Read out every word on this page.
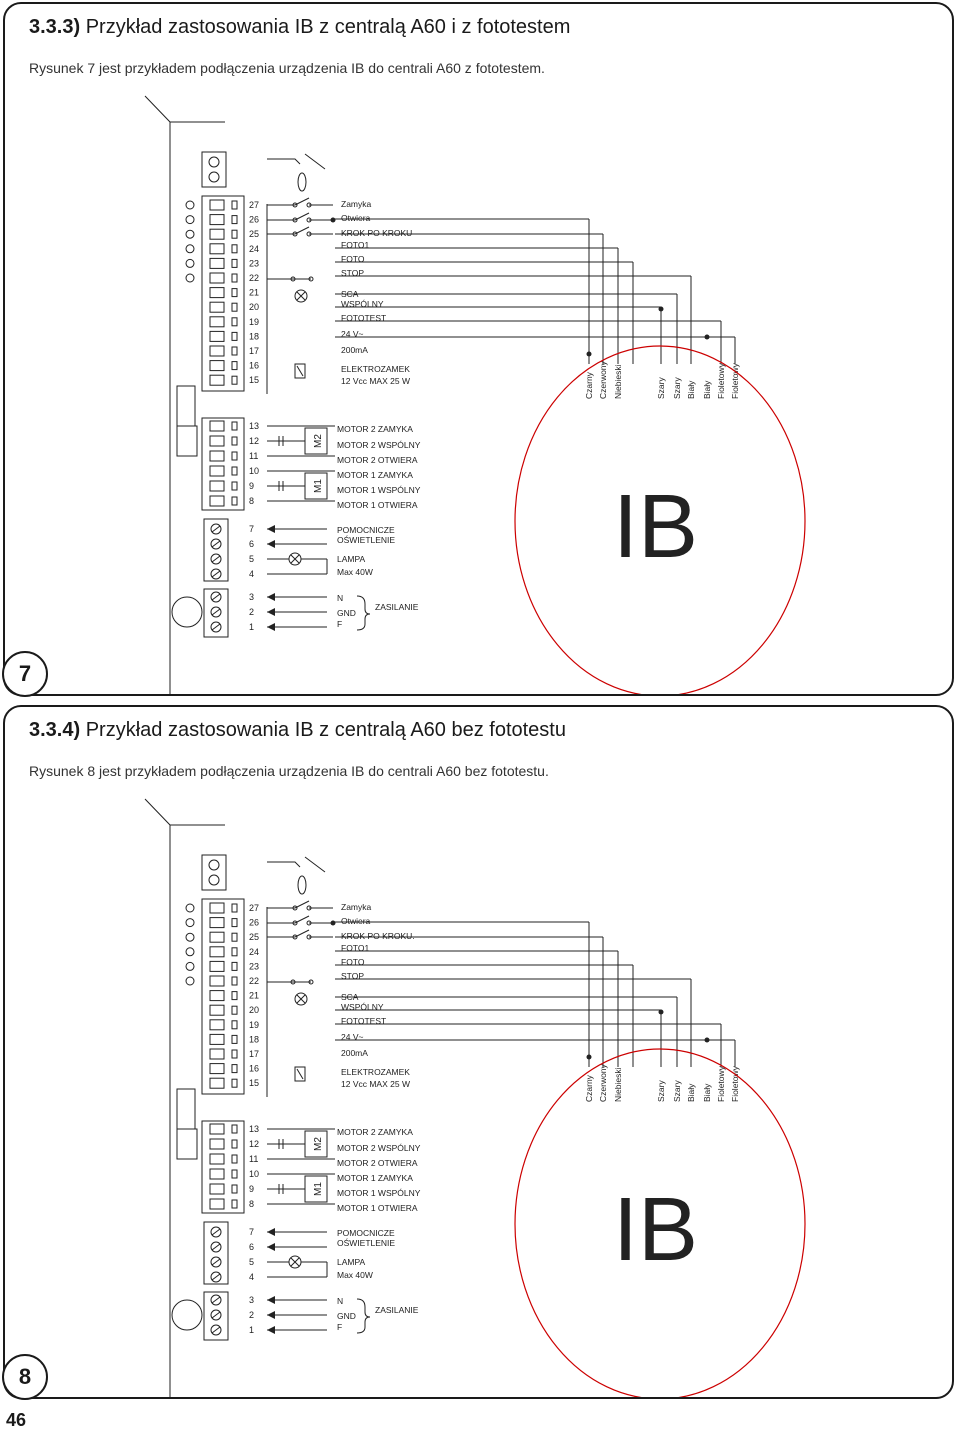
3.3.3) Przykład zastosowania IB z centralą A60 i z fototestem
Rysunek 7 jest przykładem podłączenia urządzenia IB do centrali A60 z fototestem.
27
26
25
24
23
22
21
20
19
18
17
16
15
13
12
11
10
9
8
7
6
5
4
3
2
1
Zamyka
Otwiera
KROK PO KROKU
FOTO1
FOTO
STOP
SCA
WSPÓLNY
FOTOTEST
24 V~
200mA
ELEKTROZAMEK
12 Vcc MAX 25 W	Czarny Czerwony Niebieski	Szary Szary Biały Biały Fioletowy Fioletowy
IB
MOTOR 2 ZAMYKA
MOTOR 2 WSPÓLNY
MOTOR 2 OTWIERA
MOTOR 1 ZAMYKA
MOTOR 1 WSPÓLNY
MOTOR 1 OTWIERA
M2
M1
POMOCNICZE
OŚWIETLENIE
LAMPA
Max 40W
N
GND
F
ZASILANIE
7
3.3.4) Przykład zastosowania IB z centralą A60 bez fototestu
Rysunek 8 jest przykładem podłączenia urządzenia IB do centrali A60 bez fototestu.
27
26
25
24
23
22
21
20
19
18
17
16
15
13
12
11
10
9
8
7
6
5
4
3
2
1
Zamyka
Otwiera
KROK PO KROKU.
FOTO1
FOTO
STOP
SCA
WSPÓLNY
FOTOTEST
24 V~
200mA
ELEKTROZAMEK
12 Vcc MAX 25 W	Czarny Czerwony Niebieski	Szary Szary Biały Biały Fioletowy Fioletowy
IB
MOTOR 2 ZAMYKA
MOTOR 2 WSPÓLNY
MOTOR 2 OTWIERA
MOTOR 1 ZAMYKA
MOTOR 1 WSPÓLNY
MOTOR 1 OTWIERA
M2
M1
POMOCNICZE
OŚWIETLENIE
LAMPA
Max 40W
N
GND
F
ZASILANIE
8
46
